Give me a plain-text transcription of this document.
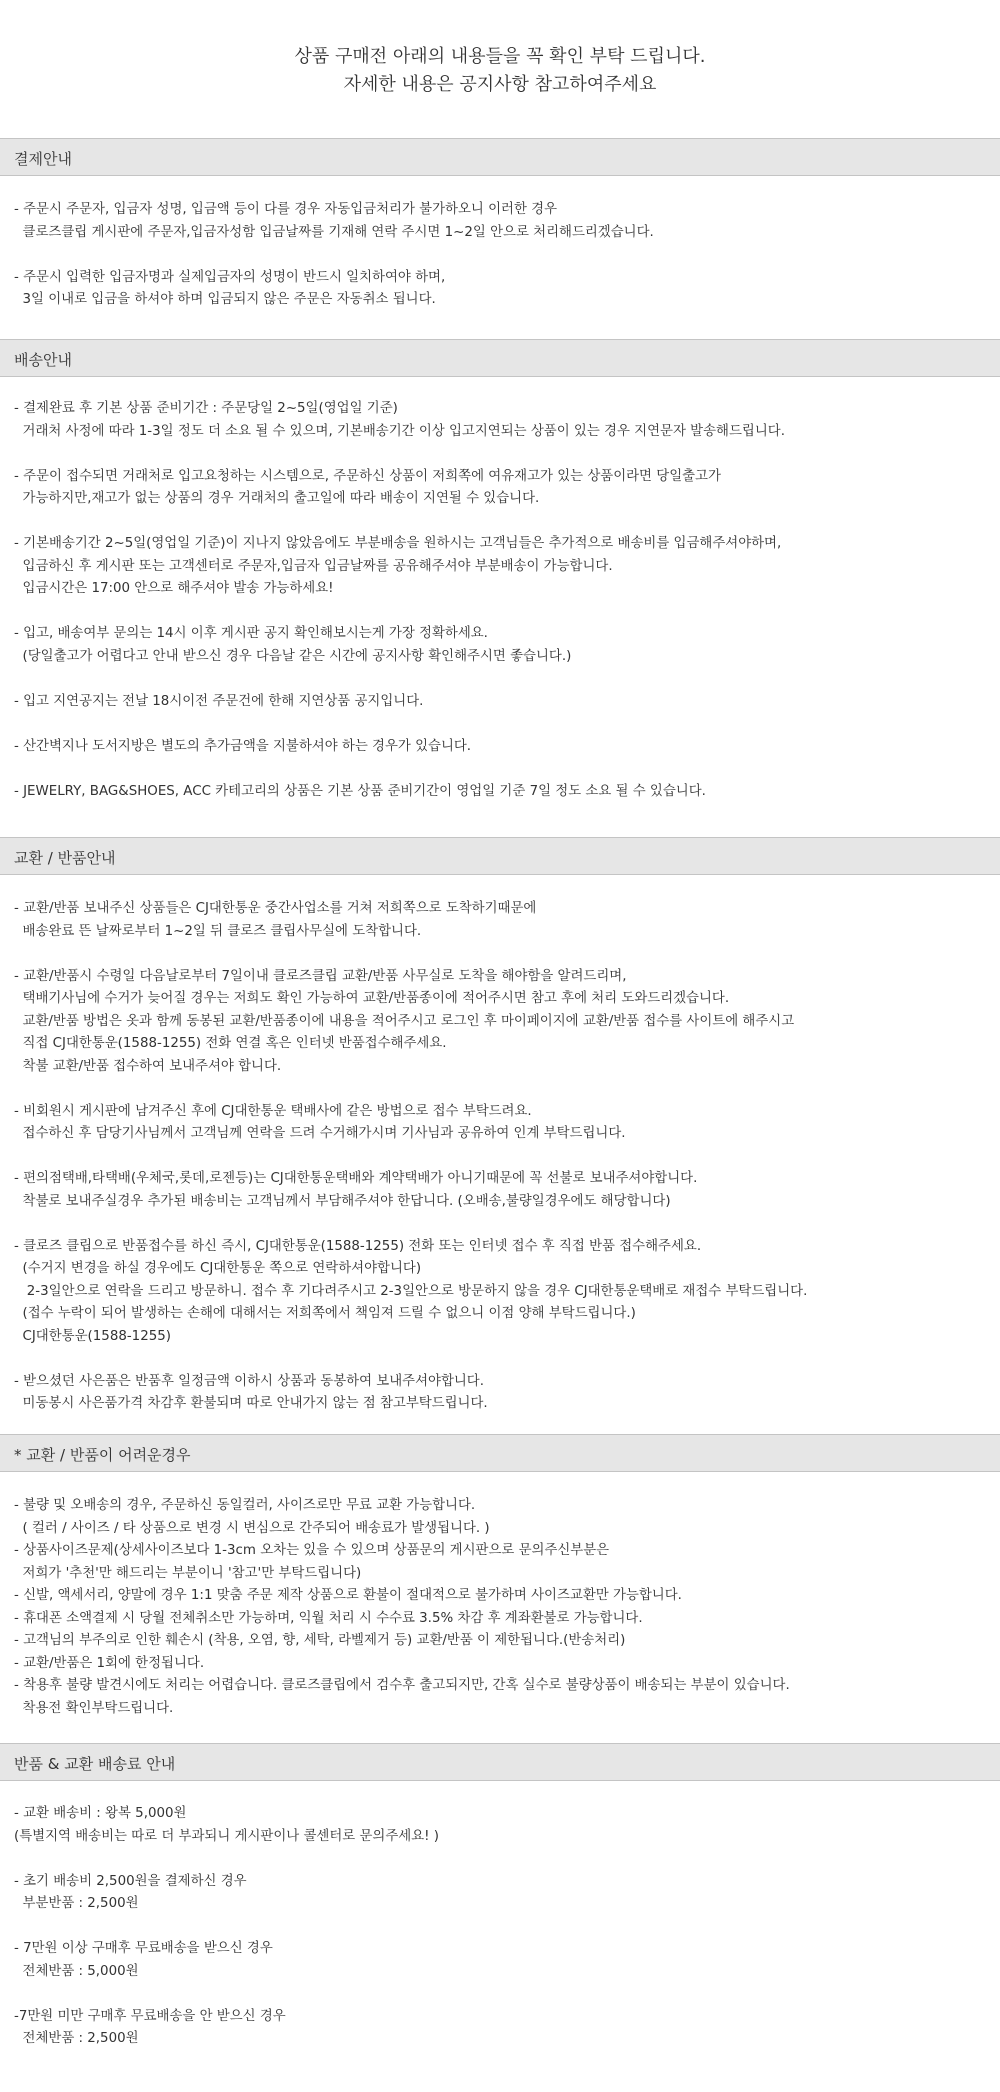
상품 구매전 아래의 내용들을 꼭 확인 부탁 드립니다.
자세한 내용은 공지사항 참고하여주세요
결제안내
- 주문시 주문자, 입금자 성명, 입금액 등이 다를 경우 자동입금처리가 불가하오니 이러한 경우
클로즈클립 게시판에 주문자,입금자성함 입금날짜를 기재해 연락 주시면 1~2일 안으로 처리해드리겠습니다.
- 주문시 입력한 입금자명과 실제입금자의 성명이 반드시 일치하여야 하며,
3일 이내로 입금을 하셔야 하며 입금되지 않은 주문은 자동취소 됩니다.
배송안내
- 결제완료 후 기본 상품 준비기간 : 주문당일 2~5일(영업일 기준)
거래처 사정에 따라 1-3일 정도 더 소요 될 수 있으며, 기본배송기간 이상 입고지연되는 상품이 있는 경우 지연문자 발송해드립니다.
- 주문이 접수되면 거래처로 입고요청하는 시스템으로, 주문하신 상품이 저희쪽에 여유재고가 있는 상품이라면 당일출고가
가능하지만,재고가 없는 상품의 경우 거래처의 출고일에 따라 배송이 지연될 수 있습니다.
- 기본배송기간 2~5일(영업일 기준)이 지나지 않았음에도 부분배송을 원하시는 고객님들은 추가적으로 배송비를 입금해주셔야하며,
입금하신 후 게시판 또는 고객센터로 주문자,입금자 입금날짜를 공유해주셔야 부분배송이 가능합니다.
입금시간은 17:00 안으로 해주셔야 발송 가능하세요!
- 입고, 배송여부 문의는 14시 이후 게시판 공지 확인해보시는게 가장 정확하세요.
(당일출고가 어렵다고 안내 받으신 경우 다음날 같은 시간에 공지사항 확인해주시면 좋습니다.)
- 입고 지연공지는 전날 18시이전 주문건에 한해 지연상품 공지입니다.
- 산간벽지나 도서지방은 별도의 추가금액을 지불하셔야 하는 경우가 있습니다.
- JEWELRY, BAG&SHOES, ACC 카테고리의 상품은 기본 상품 준비기간이 영업일 기준 7일 정도 소요 될 수 있습니다.
교환 / 반품안내
- 교환/반품 보내주신 상품들은 CJ대한통운 중간사업소를 거쳐 저희쪽으로 도착하기때문에
배송완료 뜬 날짜로부터 1~2일 뒤 클로즈 클립사무실에 도착합니다.
- 교환/반품시 수령일 다음날로부터 7일이내 클로즈클립 교환/반품 사무실로 도착을 해야함을 알려드리며,
택배기사님에 수거가 늦어질 경우는 저희도 확인 가능하여 교환/반품종이에 적어주시면 참고 후에 처리 도와드리겠습니다.
교환/반품 방법은 옷과 함께 동봉된 교환/반품종이에 내용을 적어주시고 로그인 후 마이페이지에 교환/반품 접수를 사이트에 해주시고
직접 CJ대한통운(1588-1255) 전화 연결 혹은 인터넷 반품접수해주세요.
착불 교환/반품 접수하여 보내주셔야 합니다.
- 비회원시 게시판에 남겨주신 후에 CJ대한통운 택배사에 같은 방법으로 접수 부탁드려요.
접수하신 후 담당기사님께서 고객님께 연락을 드려 수거해가시며 기사님과 공유하여 인계 부탁드립니다.
- 편의점택배,타택배(우체국,롯데,로젠등)는 CJ대한통운택배와 계약택배가 아니기때문에 꼭 선불로 보내주셔야합니다.
착불로 보내주실경우 추가된 배송비는 고객님께서 부담해주셔야 한답니다. (오배송,불량일경우에도 해당합니다)
- 클로즈 클립으로 반품접수를 하신 즉시, CJ대한통운(1588-1255) 전화 또는 인터넷 접수 후 직접 반품 접수해주세요.
(수거지 변경을 하실 경우에도 CJ대한통운 쪽으로 연락하셔야합니다)
2-3일안으로 연락을 드리고 방문하니. 접수 후 기다려주시고 2-3일안으로 방문하지 않을 경우 CJ대한통운택배로 재접수 부탁드립니다.
(접수 누락이 되어 발생하는 손해에 대해서는 저희쪽에서 책임져 드릴 수 없으니 이점 양해 부탁드립니다.)
CJ대한통운(1588-1255)
- 받으셨던 사은품은 반품후 일정금액 이하시 상품과 동봉하여 보내주셔야합니다.
미동봉시 사은품가격 차감후 환불되며 따로 안내가지 않는 점 참고부탁드립니다.
* 교환 / 반품이 어려운경우
- 불량 및 오배송의 경우, 주문하신 동일컬러, 사이즈로만 무료 교환 가능합니다.
( 컬러 / 사이즈 / 타 상품으로 변경 시 변심으로 간주되어 배송료가 발생됩니다. )
- 상품사이즈문제(상세사이즈보다 1-3cm 오차는 있을 수 있으며 상품문의 게시판으로 문의주신부분은
저희가 '추천'만 해드리는 부분이니 '참고'만 부탁드립니다)
- 신발, 액세서리, 양말에 경우 1:1 맞춤 주문 제작 상품으로 환불이 절대적으로 불가하며 사이즈교환만 가능합니다.
- 휴대폰 소액결제 시 당월 전체취소만 가능하며, 익월 처리 시 수수료 3.5% 차감 후 계좌환불로 가능합니다.
- 고객님의 부주의로 인한 훼손시 (착용, 오염, 향, 세탁, 라벨제거 등) 교환/반품 이 제한됩니다.(반송처리)
- 교환/반품은 1회에 한정됩니다.
- 착용후 불량 발견시에도 처리는 어렵습니다. 클로즈클립에서 검수후 출고되지만, 간혹 실수로 불량상품이 배송되는 부분이 있습니다.
착용전 확인부탁드립니다.
반품 & 교환 배송료 안내
- 교환 배송비 : 왕복 5,000원
(특별지역 배송비는 따로 더 부과되니 게시판이나 콜센터로 문의주세요! )
- 초기 배송비 2,500원을 결제하신 경우
부분반품 : 2,500원
- 7만원 이상 구매후 무료배송을 받으신 경우
전체반품 : 5,000원
-7만원 미만 구매후 무료배송을 안 받으신 경우
전체반품 : 2,500원
